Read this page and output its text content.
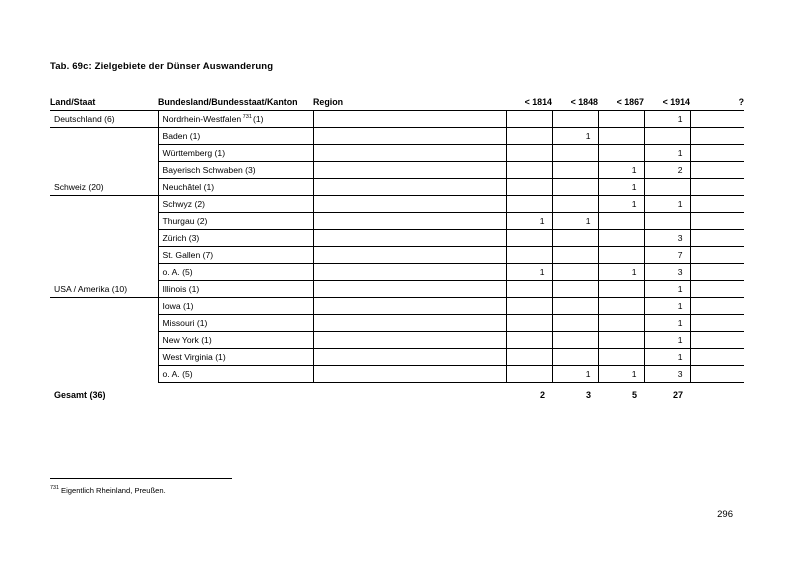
Tab. 69c: Zielgebiete der Dünser Auswanderung
Land/Staat	Bundesland/Bundesstaat/Kanton	Region	< 1814	< 1848	< 1867	< 1914	?
Deutschland (6)	Nordrhein-Westfalen $^{731}$(1)					1	
	Baden (1)			1			
	Württemberg (1)					1	
	Bayerisch Schwaben (3)				1	2	
Schweiz (20)	Neuchâtel (1)				1		
	Schwyz (2)				1	1	
	Thurgau (2)		1	1			
	Zürich (3)					3	
	St. Gallen (7)					7	
	o. A. (5)		1		1	3	
USA / Amerika (10)	Illinois (1)					1	
	Iowa (1)					1	
	Missouri (1)					1	
	New York (1)					1	
	West Virginia (1)					1	
	o. A. (5)			1	1	3	
Gesamt (36)			2	3	5	27	
$^{731}$ Eigentlich Rheinland, Preußen.
296
